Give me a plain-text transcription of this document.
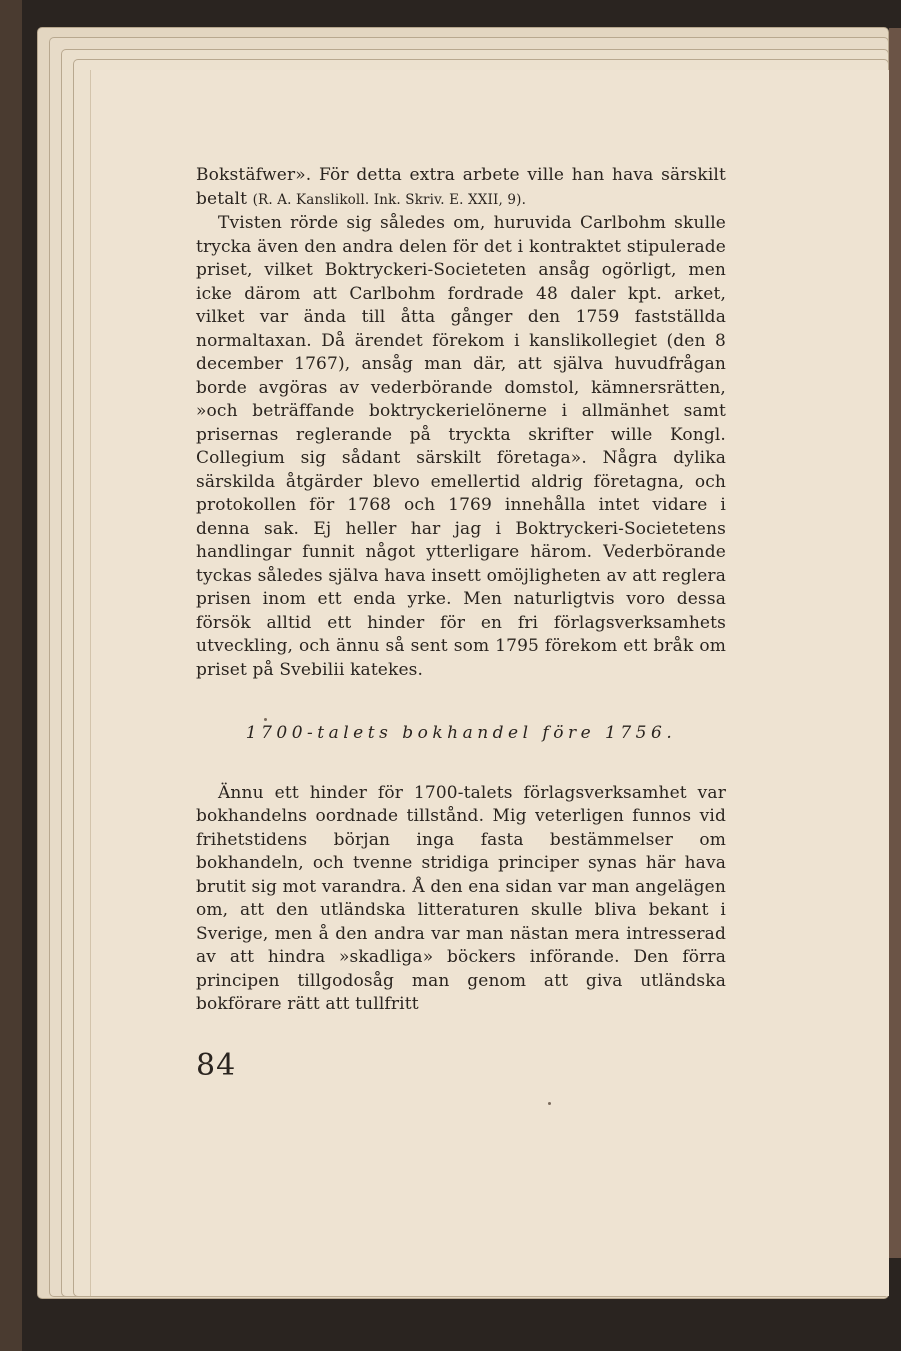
Bokstäfwer». För detta extra arbete ville han hava särskilt betalt (R. A. Kanslikoll. Ink. Skriv. E. XXII, 9).

Tvisten rörde sig således om, huruvida Carlbohm skulle trycka även den andra delen för det i kontraktet stipulerade priset, vilket Boktryckeri-Societeten ansåg ogörligt, men icke därom att Carlbohm fordrade 48 daler kpt. arket, vilket var ända till åtta gånger den 1759 fastställda normaltaxan. Då ärendet förekom i kanslikollegiet (den 8 december 1767), ansåg man där, att själva huvudfrågan borde avgöras av vederbörande domstol, kämnersrätten, »och beträffande boktryckerielönerne i allmänhet samt prisernas reglerande på tryckta skrifter wille Kongl. Collegium sig sådant särskilt företaga». Några dylika särskilda åtgärder blevo emellertid aldrig företagna, och protokollen för 1768 och 1769 innehålla intet vidare i denna sak. Ej heller har jag i Boktryckeri-Societetens handlingar funnit något ytterligare härom. Vederbörande tyckas således själva hava insett omöjligheten av att reglera prisen inom ett enda yrke. Men naturligtvis voro dessa försök alltid ett hinder för en fri förlagsverksamhets utveckling, och ännu så sent som 1795 förekom ett bråk om priset på Svebilii katekes.

1700-talets bokhandel före 1756.

Ännu ett hinder för 1700-talets förlagsverksamhet var bokhandelns oordnade tillstånd. Mig veterligen funnos vid frihetstidens början inga fasta bestämmelser om bokhandeln, och tvenne stridiga principer synas här hava brutit sig mot varandra. Å den ena sidan var man angelägen om, att den utländska litteraturen skulle bliva bekant i Sverige, men å den andra var man nästan mera intresserad av att hindra »skadliga» böckers införande. Den förra principen tillgodosåg man genom att giva utländska bokförare rätt att tullfritt

84
